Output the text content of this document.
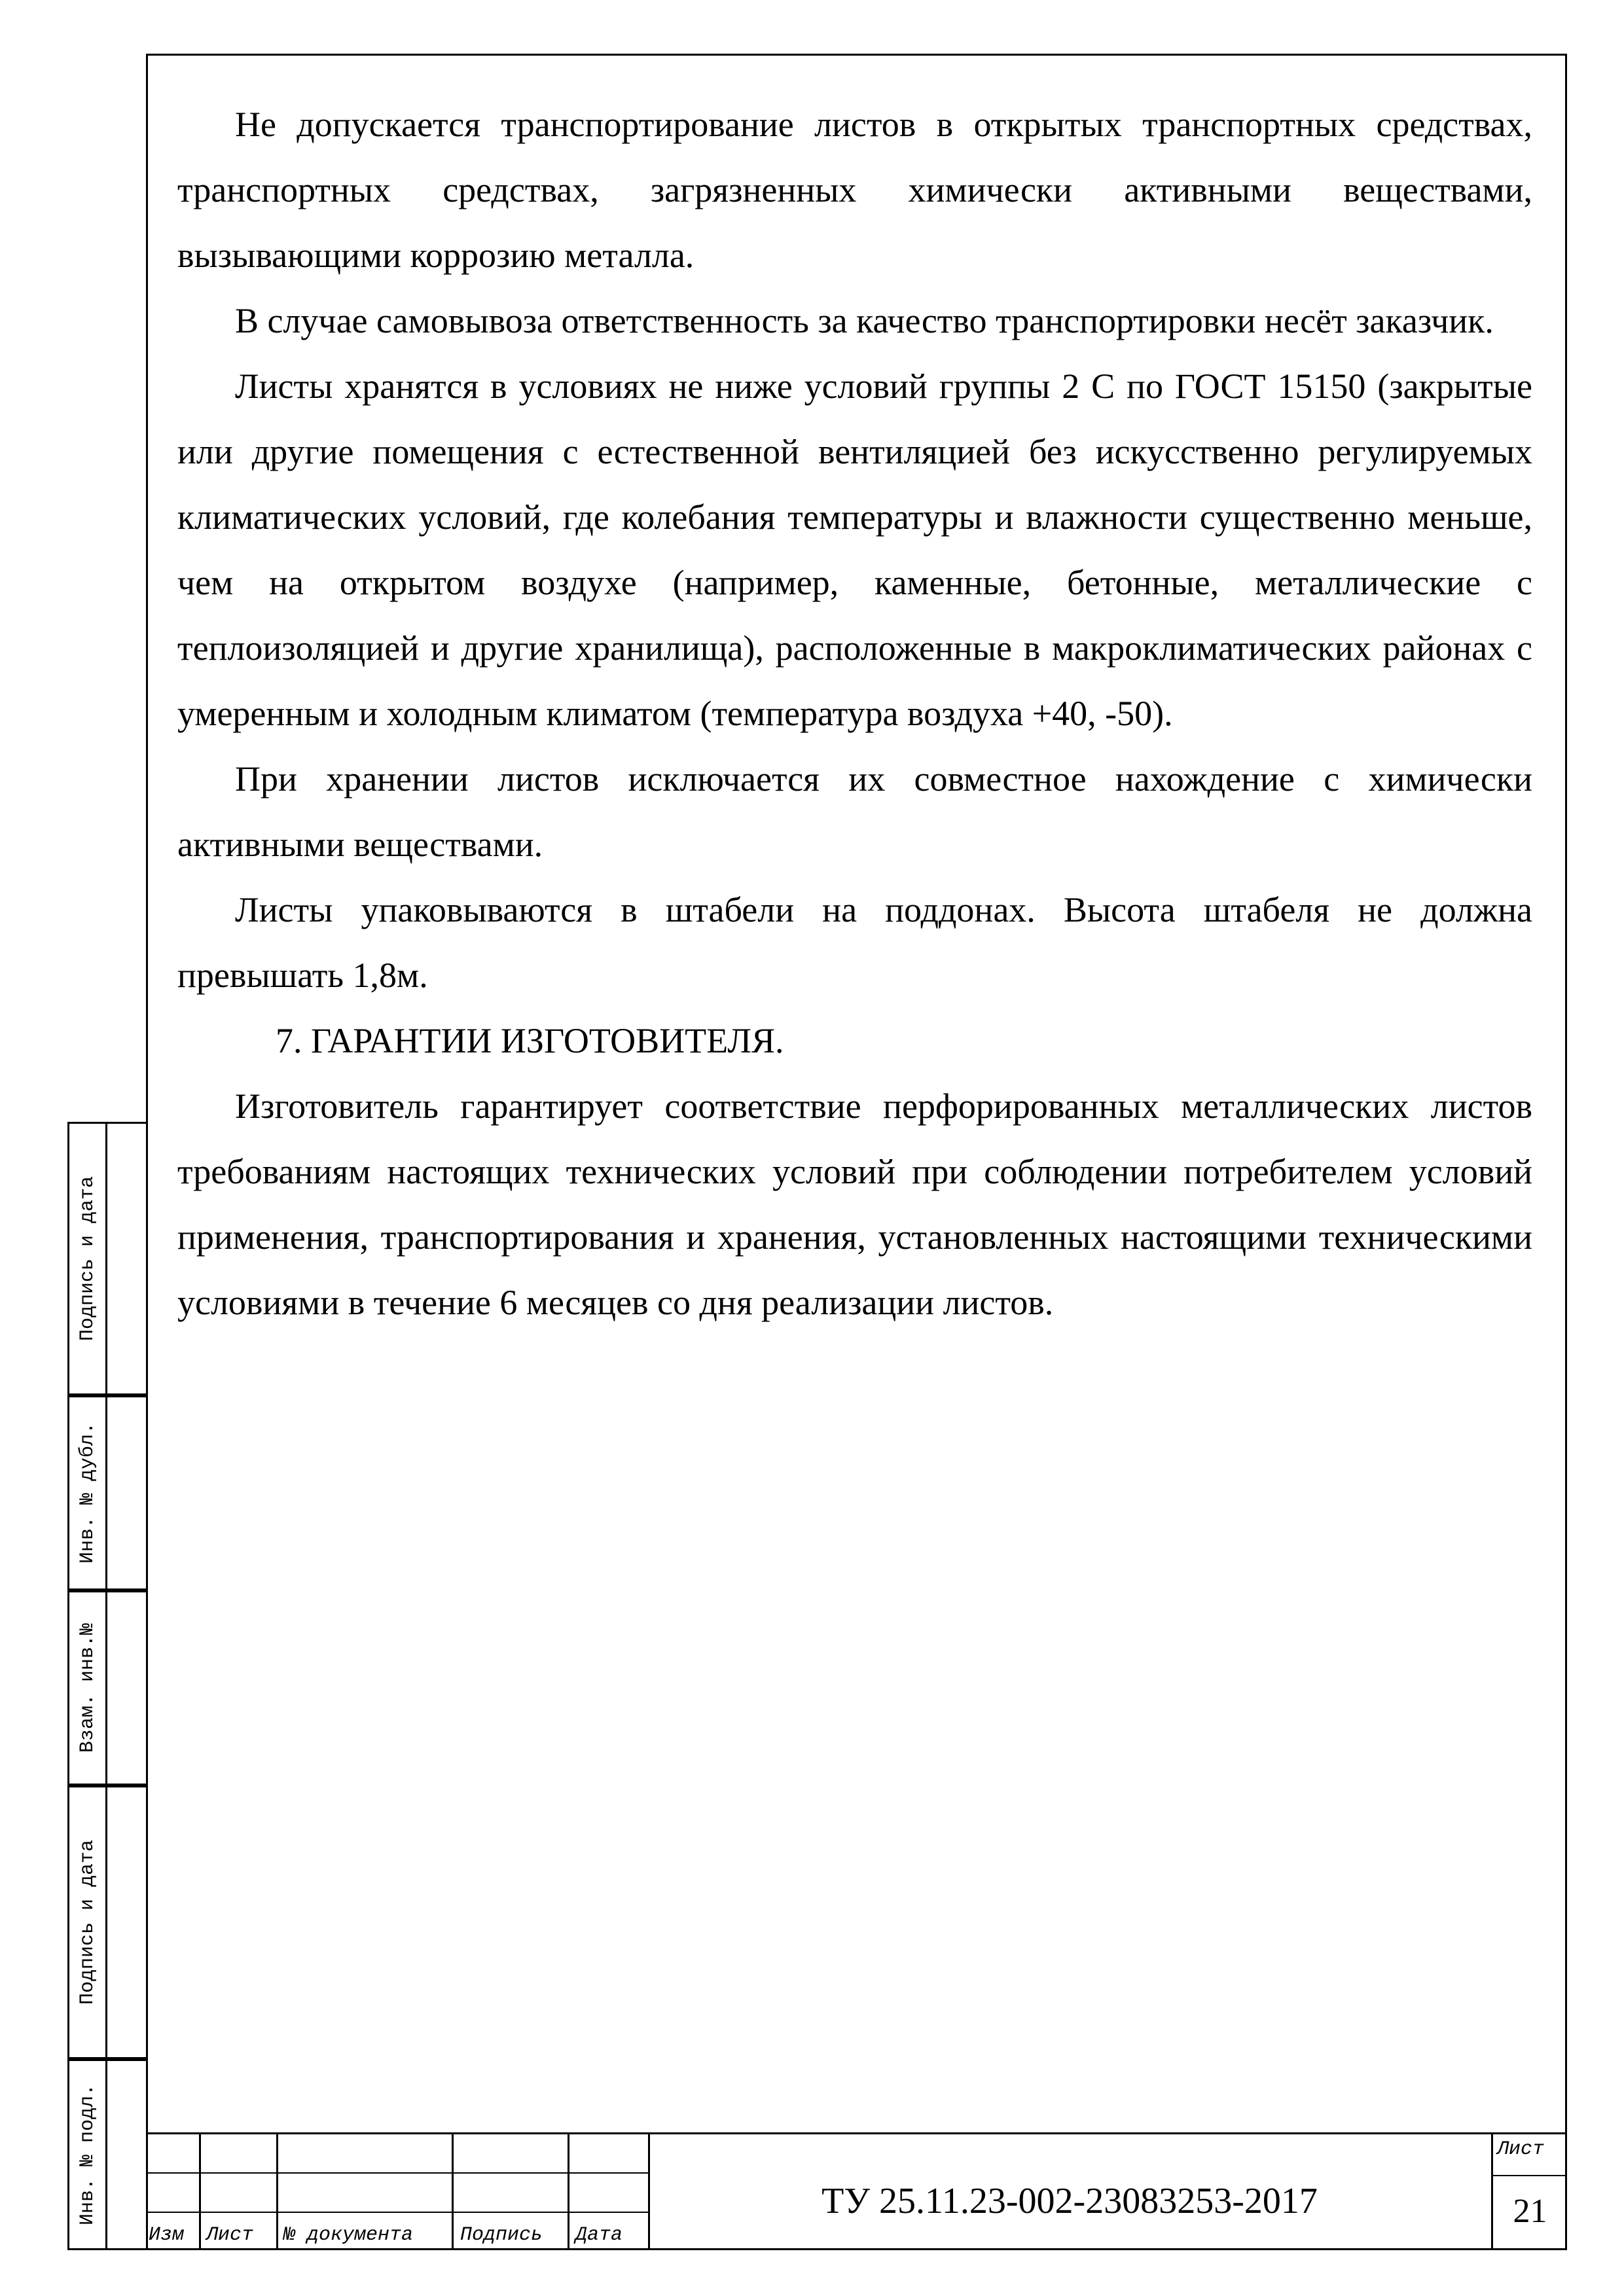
Не допускается транспортирование листов в открытых транспортных средствах, транспортных средствах, загрязненных химически активными веществами, вызывающими коррозию металла.

В случае самовывоза ответственность за качество транспортировки несёт заказчик.

Листы хранятся в условиях не ниже условий группы 2 С по ГОСТ 15150 (закрытые или другие помещения с естественной вентиляцией без искусственно регулируемых климатических условий, где колебания температуры и влажности существенно меньше, чем на открытом воздухе (например, каменные, бетонные, металлические с теплоизоляцией и другие хранилища), расположенные в макроклиматических районах с умеренным и холодным климатом (температура воздуха +40, -50).

При хранении листов исключается их совместное нахождение с химически активными веществами.

Листы упаковываются в штабели на поддонах. Высота штабеля не должна превышать 1,8м.

7. ГАРАНТИИ ИЗГОТОВИТЕЛЯ.

Изготовитель гарантирует соответствие перфорированных металлических листов требованиям настоящих технических условий при соблюдении потребителем условий применения, транспортирования и хранения, установленных настоящими техническими условиями в течение 6 месяцев со дня реализации листов.

Подпись и дата
Инв. № дубл.
Взам. инв.№
Подпись и дата
Инв. № подл.
Изм Лист № документа Подпись Дата
ТУ 25.11.23-002-23083253-2017
Лист
21
